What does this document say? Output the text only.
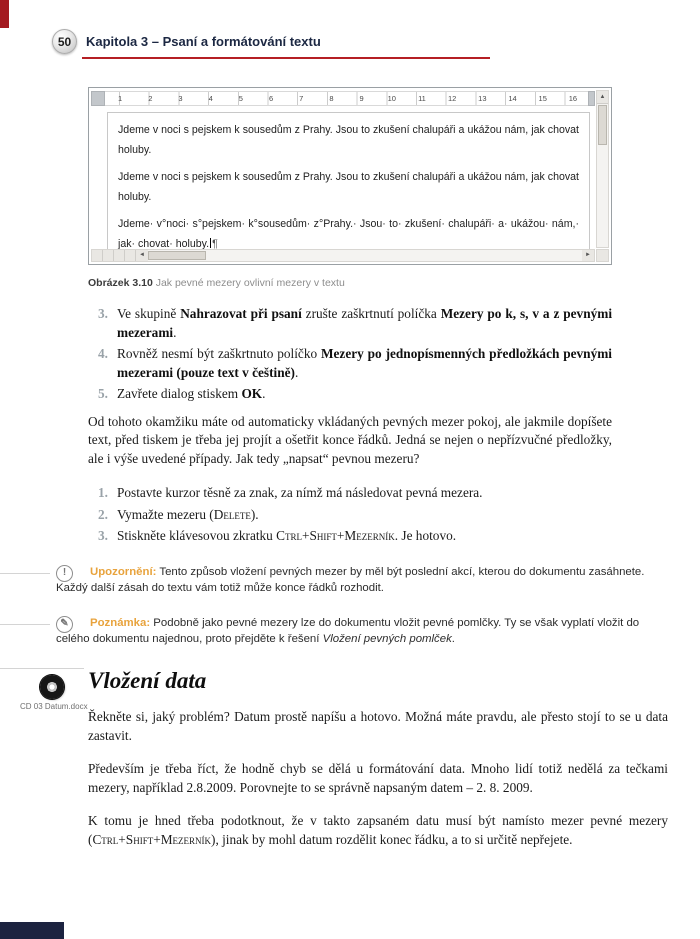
50 Kapitola 3 – Psaní a formátování textu
1	2	3	4	5	6	7	8	9	10	11	12	13	14	15	16

Jdeme v noci s pejskem k sousedům z Prahy. Jsou to zkušení chalupáři a ukážou nám, jak chovat holuby.

Jdeme v noci s pejskem k sousedům z Prahy. Jsou to zkušení chalupáři a ukážou nám, jak chovat holuby.

Jdeme· v°noci· s°pejskem· k°sousedům· z°Prahy.· Jsou· to· zkušení· chalupáři· a· ukážou· nám,· jak· chovat· holuby. ¶

▲
◄	►

Obrázek 3.10 Jak pevné mezery ovlivní mezery v textu

3. Ve skupině Nahrazovat při psaní zrušte zaškrtnutí políčka Mezery po k, s, v a z pevnými mezerami.
4. Rovněž nesmí být zaškrtnuto políčko Mezery po jednopísmenných předložkách pevnými mezerami (pouze text v češtině).
5. Zavřete dialog stiskem OK.

Od tohoto okamžiku máte od automaticky vkládaných pevných mezer pokoj, ale jakmile dopíšete text, před tiskem je třeba jej projít a ošetřit konce řádků. Jedná se nejen o nepřízvučné předložky, ale i výše uvedené případy. Jak tedy „napsat“ pevnou mezeru?

1. Postavte kurzor těsně za znak, za nímž má následovat pevná mezera.
2. Vymažte mezeru (Delete).
3. Stiskněte klávesovou zkratku Ctrl+Shift+Mezerník. Je hotovo.
!	Upozornění: Tento způsob vložení pevných mezer by měl být poslední akcí, kterou do dokumentu zasáhnete. Každý další zásah do textu vám totiž může konce řádků rozhodit.

✎	Poznámka: Podobně jako pevné mezery lze do dokumentu vložit pevné pomlčky. Ty se však vyplatí vložit do celého dokumentu najednou, proto přejděte k řešení Vložení pevných pomlček.

CD 03 Datum.docx
Vložení data

Řekněte si, jaký problém? Datum prostě napíšu a hotovo. Možná máte pravdu, ale přesto stojí to se u data zastavit.

Především je třeba říct, že hodně chyb se dělá u formátování data. Mnoho lidí totiž nedělá za tečkami mezery, například 2.8.2009. Porovnejte to se správně napsaným datem – 2. 8. 2009.

K tomu je hned třeba podotknout, že v takto zapsaném datu musí být namísto mezer pevné mezery (Ctrl+Shift+Mezerník), jinak by mohl datum rozdělit konec řádku, a to si určitě nepřejete.
